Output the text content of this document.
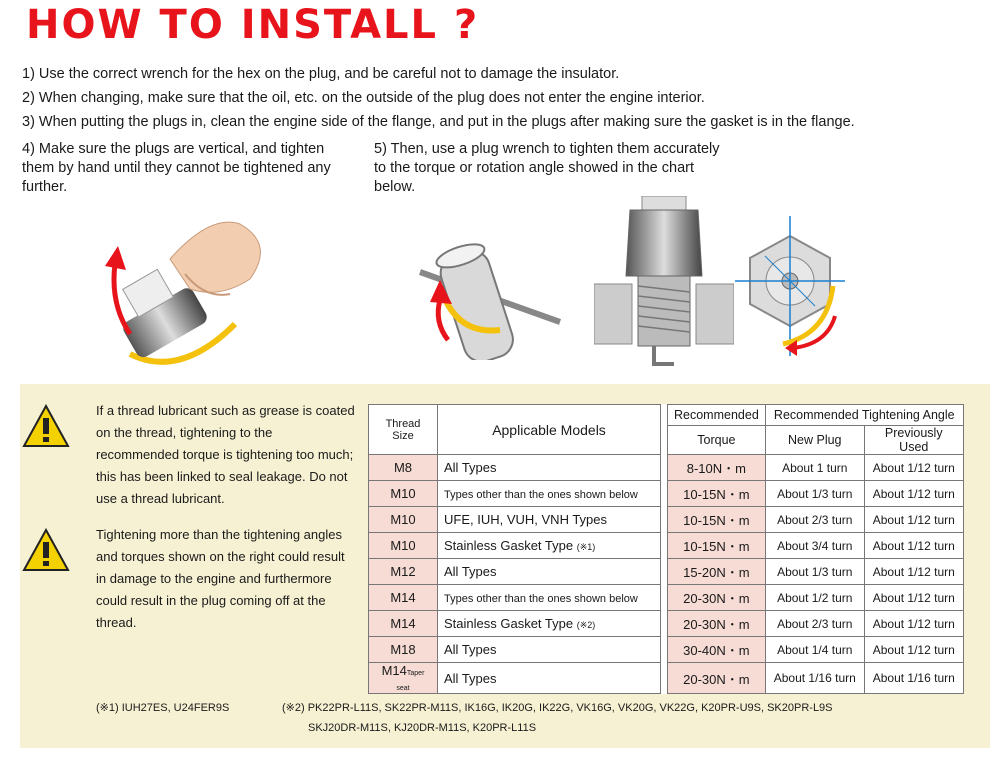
HOW TO INSTALL ?
1) Use the correct wrench for the hex on the plug, and be careful not to damage the insulator.
2) When changing, make sure that the oil, etc. on the outside of the plug does not enter the engine interior.
3) When putting the plugs in, clean the engine side of the flange, and put in the plugs after making sure the gasket is in the flange.
4) Make sure the plugs are vertical, and tighten them by hand until they cannot be tightened any further.
5) Then, use a plug wrench to tighten them accurately to the torque or rotation angle showed in the chart below.

If a thread lubricant such as grease is coated on the thread, tightening to the recommended torque is tightening too much; this has been linked to seal leakage. Do not use a thread lubricant.

Tightening more than the tightening angles and torques shown on the right could result in damage to the engine and furthermore could result in the plug coming off at the thread.

Thread Size	Applicable Models		Recommended	Recommended Tightening Angle	
			Torque	New Plug	Previously Used
M8	All Types		8-10N・m	About 1 turn	About 1/12 turn
M10	Types other than the ones shown below		10-15N・m	About 1/3 turn	About 1/12 turn
M10	UFE, IUH, VUH, VNH Types		10-15N・m	About 2/3 turn	About 1/12 turn
M10	Stainless Gasket Type (※1)		10-15N・m	About 3/4 turn	About 1/12 turn
M12	All Types		15-20N・m	About 1/3 turn	About 1/12 turn
M14	Types other than the ones shown below		20-30N・m	About 1/2 turn	About 1/12 turn
M14	Stainless Gasket Type (※2)		20-30N・m	About 2/3 turn	About 1/12 turn
M18	All Types		30-40N・m	About 1/4 turn	About 1/12 turn
M14Taper seat	All Types		20-30N・m	About 1/16 turn	About 1/16 turn
(※1) IUH27ES, U24FER9S	(※2) PK22PR-L11S, SK22PR-M11S, IK16G, IK20G, IK22G, VK16G, VK20G, VK22G, K20PR-U9S, SK20PR-L9S
SKJ20DR-M11S, KJ20DR-M11S, K20PR-L11S
